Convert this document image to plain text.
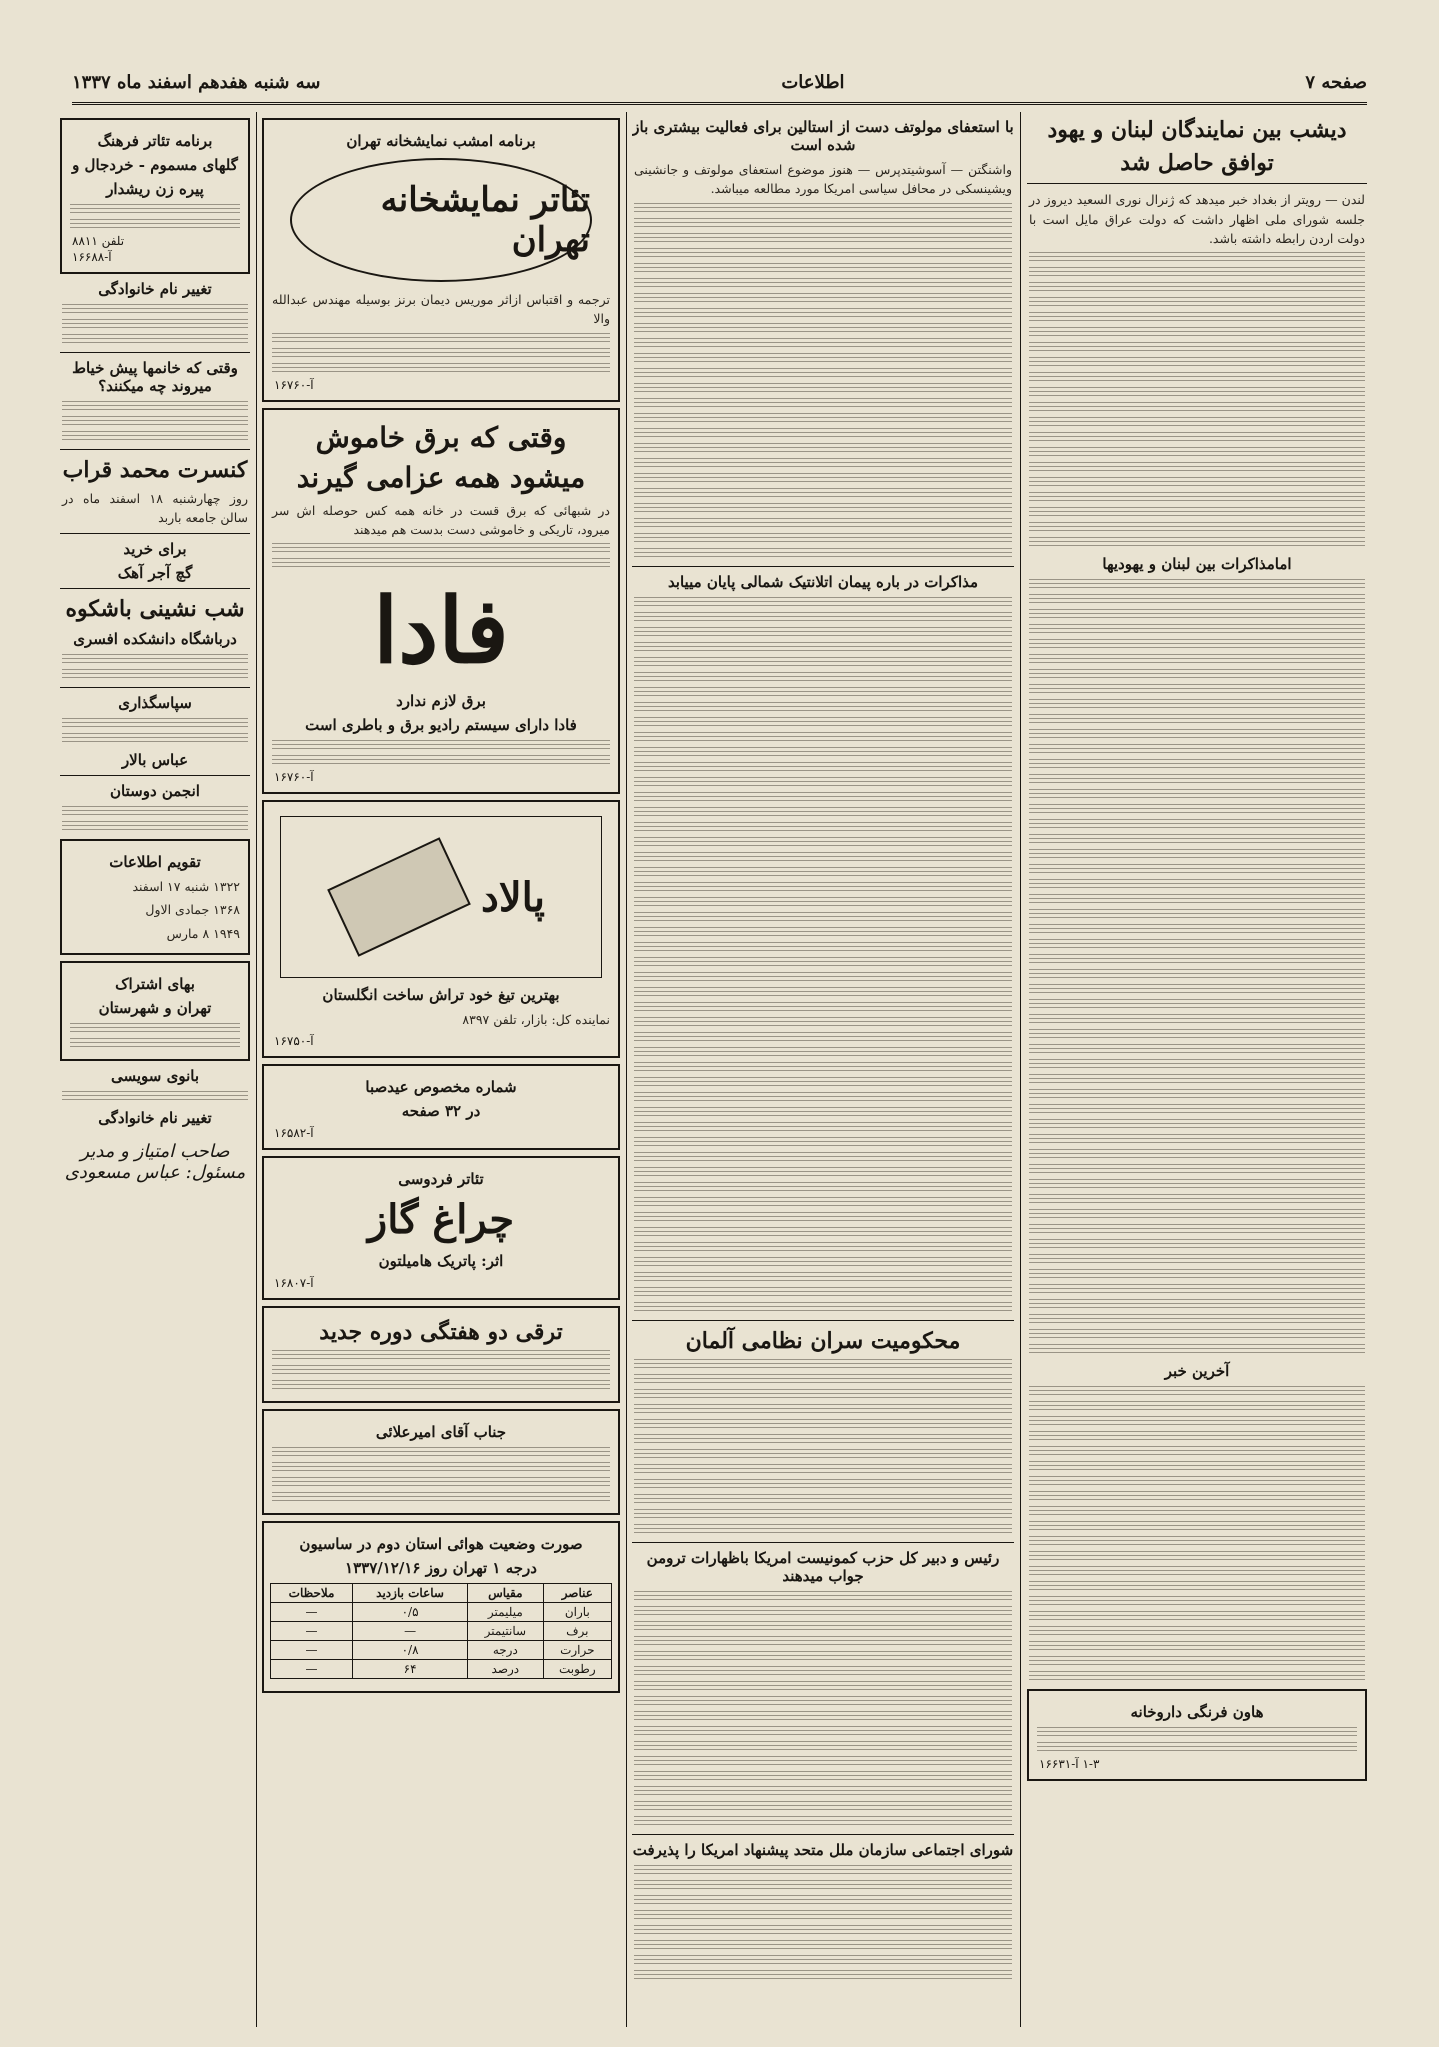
صفحه ۷
اطلاعات
سه شنبه هفدهم اسفند ماه ۱۳۳۷
دیشب بین نمایندگان لبنان و یهود
توافق حاصل شد
لندن — رویتر از بغداد خبر میدهد که ژنرال نوری السعید دیروز در جلسه شورای ملی اظهار داشت که دولت عراق مایل است با دولت اردن رابطه داشته باشد.
امامذاکرات بین لبنان و یهودیها
آخرین خبر
هاون فرنگی داروخانه
۱-۳ آ-۱۶۶۳۱
با استعفای مولوتف دست از استالین برای فعالیت بیشتری باز شده است
واشنگتن — آسوشیتدپرس — هنوز موضوع استعفای مولوتف و جانشینی ویشینسکی در محافل سیاسی امریکا مورد مطالعه میباشد.
مذاکرات در باره پیمان اتلانتیک شمالی پایان مییابد
محکومیت سران نظامی آلمان
رئیس و دبیر کل حزب کمونیست امریکا باظهارات ترومن جواب میدهند
شورای اجتماعی سازمان ملل متحد پیشنهاد امریکا را پذیرفت
برنامه امشب نمایشخانه تهران
تئاتر نمایشخانه تهران
ترجمه و اقتباس ازاثر موریس دیمان برنز بوسیله مهندس عبدالله والا
آ-۱۶۷۶۰
وقتی که برق خاموش
میشود همه عزامی گیرند
در شبهائی که برق قست در خانه همه کس حوصله اش سر میرود، تاریکی و خاموشی دست بدست هم میدهند
فادا
برق لازم ندارد
فادا دارای سیستم رادیو برق و باطری است
آ-۱۶۷۶۰
پالاد
بهترین تیغ خود تراش ساخت انگلستان
نماینده کل: بازار، تلفن ۸۳۹۷
آ-۱۶۷۵۰
شماره مخصوص عیدصبا
در ۳۲ صفحه
آ-۱۶۵۸۲
تئاتر فردوسی
چراغ گاز
اثر: پاتریک هامیلتون
آ-۱۶۸۰۷
ترقی دو هفتگی دوره جدید
جناب آقای امیرعلائی
صورت وضعیت هوائی استان دوم در ساسیون
درجه ۱ تهران روز ۱۳۳۷/۱۲/۱۶
عناصر	مقیاس	ساعات بازدید	ملاحظات
باران	میلیمتر	۰/۵	—
برف	سانتیمتر	—	—
حرارت	درجه	۰/۸	—
رطوبت	درصد	۶۴	—
برنامه تئاتر فرهنگ
گلهای مسموم - خردجال و
پیره زن ریشدار
تلفن ۸۸۱۱
آ-۱۶۶۸۸
تغییر نام خانوادگی
وقتی که خانمها پیش خیاط میروند چه میکنند؟
کنسرت محمد قراب
روز چهارشنبه ۱۸ اسفند ماه در سالن جامعه باربد
برای خرید
گچ آجر آهک
شب نشینی باشکوه
درباشگاه دانشکده افسری
سپاسگذاری
عباس بالار
انجمن دوستان
تقویم اطلاعات
۱۳۲۲ شنبه ۱۷ اسفند
۱۳۶۸ جمادی الاول
۱۹۴۹ ۸ مارس
بهای اشتراک
تهران و شهرستان
بانوی سویسی
تغییر نام خانوادگی
صاحب امتیاز و مدیر مسئول: عباس مسعودی
